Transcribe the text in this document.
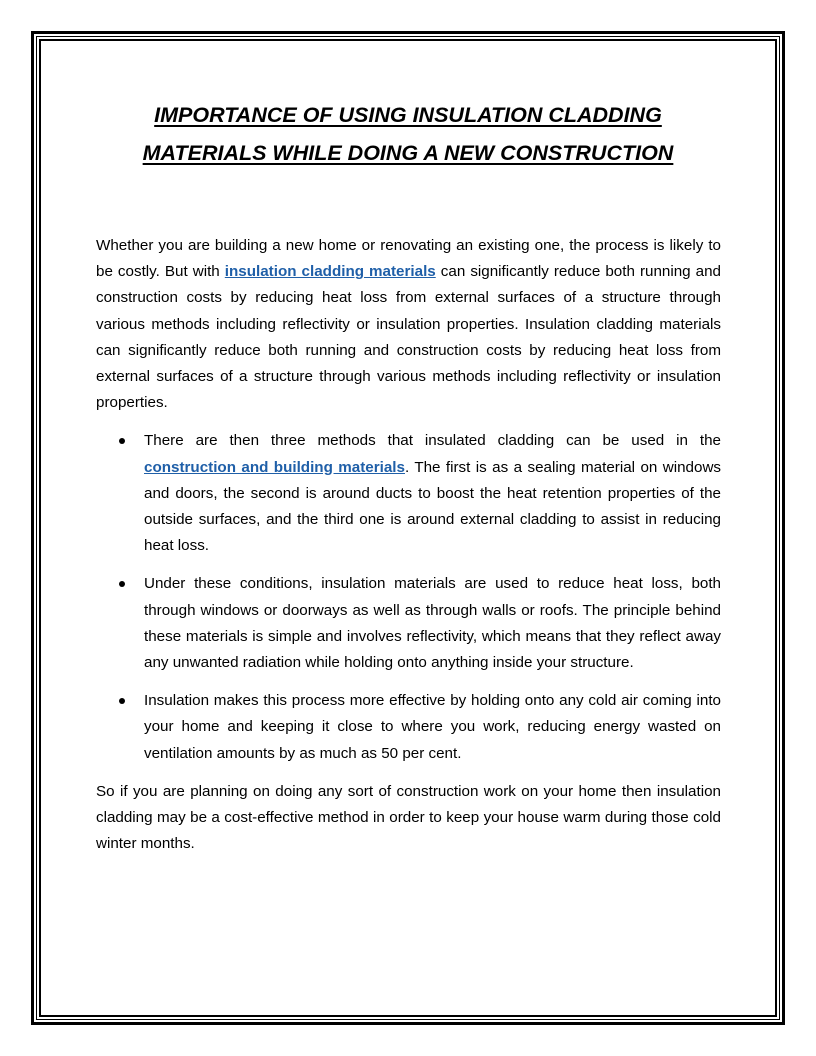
IMPORTANCE OF USING INSULATION CLADDING
MATERIALS WHILE DOING A NEW CONSTRUCTION

Whether you are building a new home or renovating an existing one, the process is likely to be costly. But with insulation cladding materials can significantly reduce both running and construction costs by reducing heat loss from external surfaces of a structure through various methods including reflectivity or insulation properties. Insulation cladding materials can significantly reduce both running and construction costs by reducing heat loss from external surfaces of a structure through various methods including reflectivity or insulation properties.

There are then three methods that insulated cladding can be used in the construction and building materials. The first is as a sealing material on windows and doors, the second is around ducts to boost the heat retention properties of the outside surfaces, and the third one is around external cladding to assist in reducing heat loss.
Under these conditions, insulation materials are used to reduce heat loss, both through windows or doorways as well as through walls or roofs. The principle behind these materials is simple and involves reflectivity, which means that they reflect away any unwanted radiation while holding onto anything inside your structure.
Insulation makes this process more effective by holding onto any cold air coming into your home and keeping it close to where you work, reducing energy wasted on ventilation amounts by as much as 50 per cent.

So if you are planning on doing any sort of construction work on your home then insulation cladding may be a cost-effective method in order to keep your house warm during those cold winter months.
